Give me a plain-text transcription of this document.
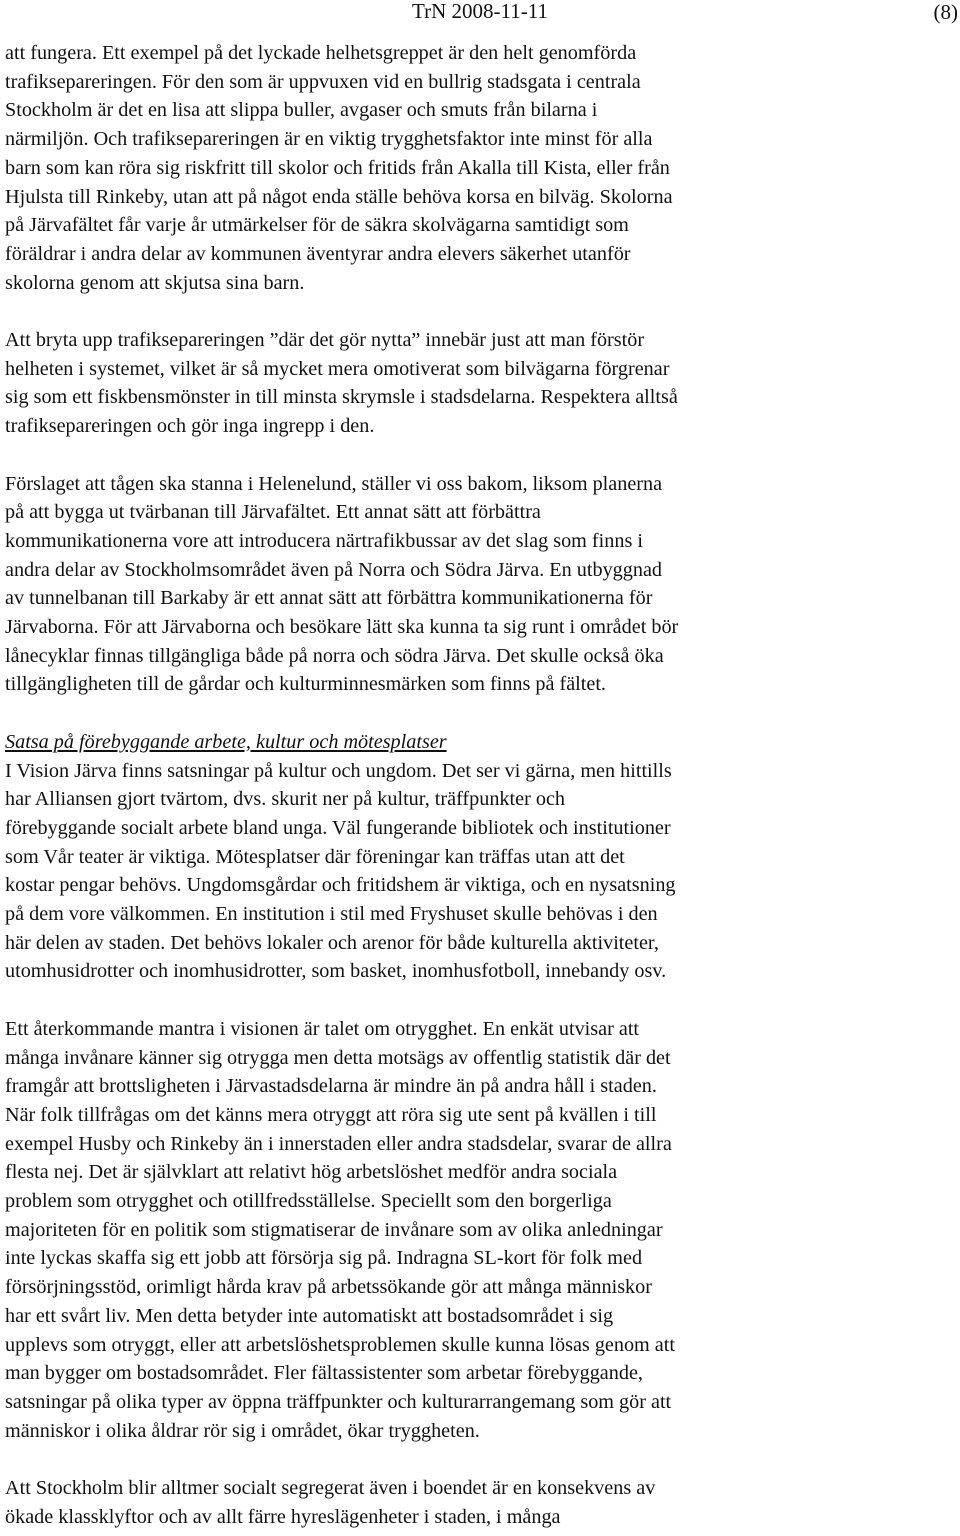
TrN 2008-11-11	(8)

att fungera. Ett exempel på det lyckade helhetsgreppet är den helt genomförda
trafiksepareringen. För den som är uppvuxen vid en bullrig stadsgata i centrala
Stockholm är det en lisa att slippa buller, avgaser och smuts från bilarna i
närmiljön. Och trafiksepareringen är en viktig trygghetsfaktor inte minst för alla
barn som kan röra sig riskfritt till skolor och fritids från Akalla till Kista, eller från
Hjulsta till Rinkeby, utan att på något enda ställe behöva korsa en bilväg. Skolorna
på Järvafältet får varje år utmärkelser för de säkra skolvägarna samtidigt som
föräldrar i andra delar av kommunen äventyrar andra elevers säkerhet utanför
skolorna genom att skjutsa sina barn.

Att bryta upp trafiksepareringen ”där det gör nytta” innebär just att man förstör
helheten i systemet, vilket är så mycket mera omotiverat som bilvägarna förgrenar
sig som ett fiskbensmönster in till minsta skrymsle i stadsdelarna. Respektera alltså
trafiksepareringen och gör inga ingrepp i den.

Förslaget att tågen ska stanna i Helenelund, ställer vi oss bakom, liksom planerna
på att bygga ut tvärbanan till Järvafältet. Ett annat sätt att förbättra
kommunikationerna vore att introducera närtrafikbussar av det slag som finns i
andra delar av Stockholmsområdet även på Norra och Södra Järva. En utbyggnad
av tunnelbanan till Barkaby är ett annat sätt att förbättra kommunikationerna för
Järvaborna. För att Järvaborna och besökare lätt ska kunna ta sig runt i området bör
lånecyklar finnas tillgängliga både på norra och södra Järva. Det skulle också öka
tillgängligheten till de gårdar och kulturminnesmärken som finns på fältet.

Satsa på förebyggande arbete, kultur och mötesplatser

I Vision Järva finns satsningar på kultur och ungdom. Det ser vi gärna, men hittills
har Alliansen gjort tvärtom, dvs. skurit ner på kultur, träffpunkter och
förebyggande socialt arbete bland unga. Väl fungerande bibliotek och institutioner
som Vår teater är viktiga. Mötesplatser där föreningar kan träffas utan att det
kostar pengar behövs. Ungdomsgårdar och fritidshem är viktiga, och en nysatsning
på dem vore välkommen. En institution i stil med Fryshuset skulle behövas i den
här delen av staden. Det behövs lokaler och arenor för både kulturella aktiviteter,
utomhusidrotter och inomhusidrotter, som basket, inomhusfotboll, innebandy osv.

Ett återkommande mantra i visionen är talet om otrygghet. En enkät utvisar att
många invånare känner sig otrygga men detta motsägs av offentlig statistik där det
framgår att brottsligheten i Järvastadsdelarna är mindre än på andra håll i staden.
När folk tillfrågas om det känns mera otryggt att röra sig ute sent på kvällen i till
exempel Husby och Rinkeby än i innerstaden eller andra stadsdelar, svarar de allra
flesta nej. Det är självklart att relativt hög arbetslöshet medför andra sociala
problem som otrygghet och otillfredsställelse. Speciellt som den borgerliga
majoriteten för en politik som stigmatiserar de invånare som av olika anledningar
inte lyckas skaffa sig ett jobb att försörja sig på. Indragna SL-kort för folk med
försörjningsstöd, orimligt hårda krav på arbetssökande gör att många människor
har ett svårt liv. Men detta betyder inte automatiskt att bostadsområdet i sig
upplevs som otryggt, eller att arbetslöshetsproblemen skulle kunna lösas genom att
man bygger om bostadsområdet. Fler fältassistenter som arbetar förebyggande,
satsningar på olika typer av öppna träffpunkter och kulturarrangemang som gör att
människor i olika åldrar rör sig i området, ökar tryggheten.

Att Stockholm blir alltmer socialt segregerat även i boendet är en konsekvens av
ökade klassklyftor och av allt färre hyreslägenheter i staden, i många
